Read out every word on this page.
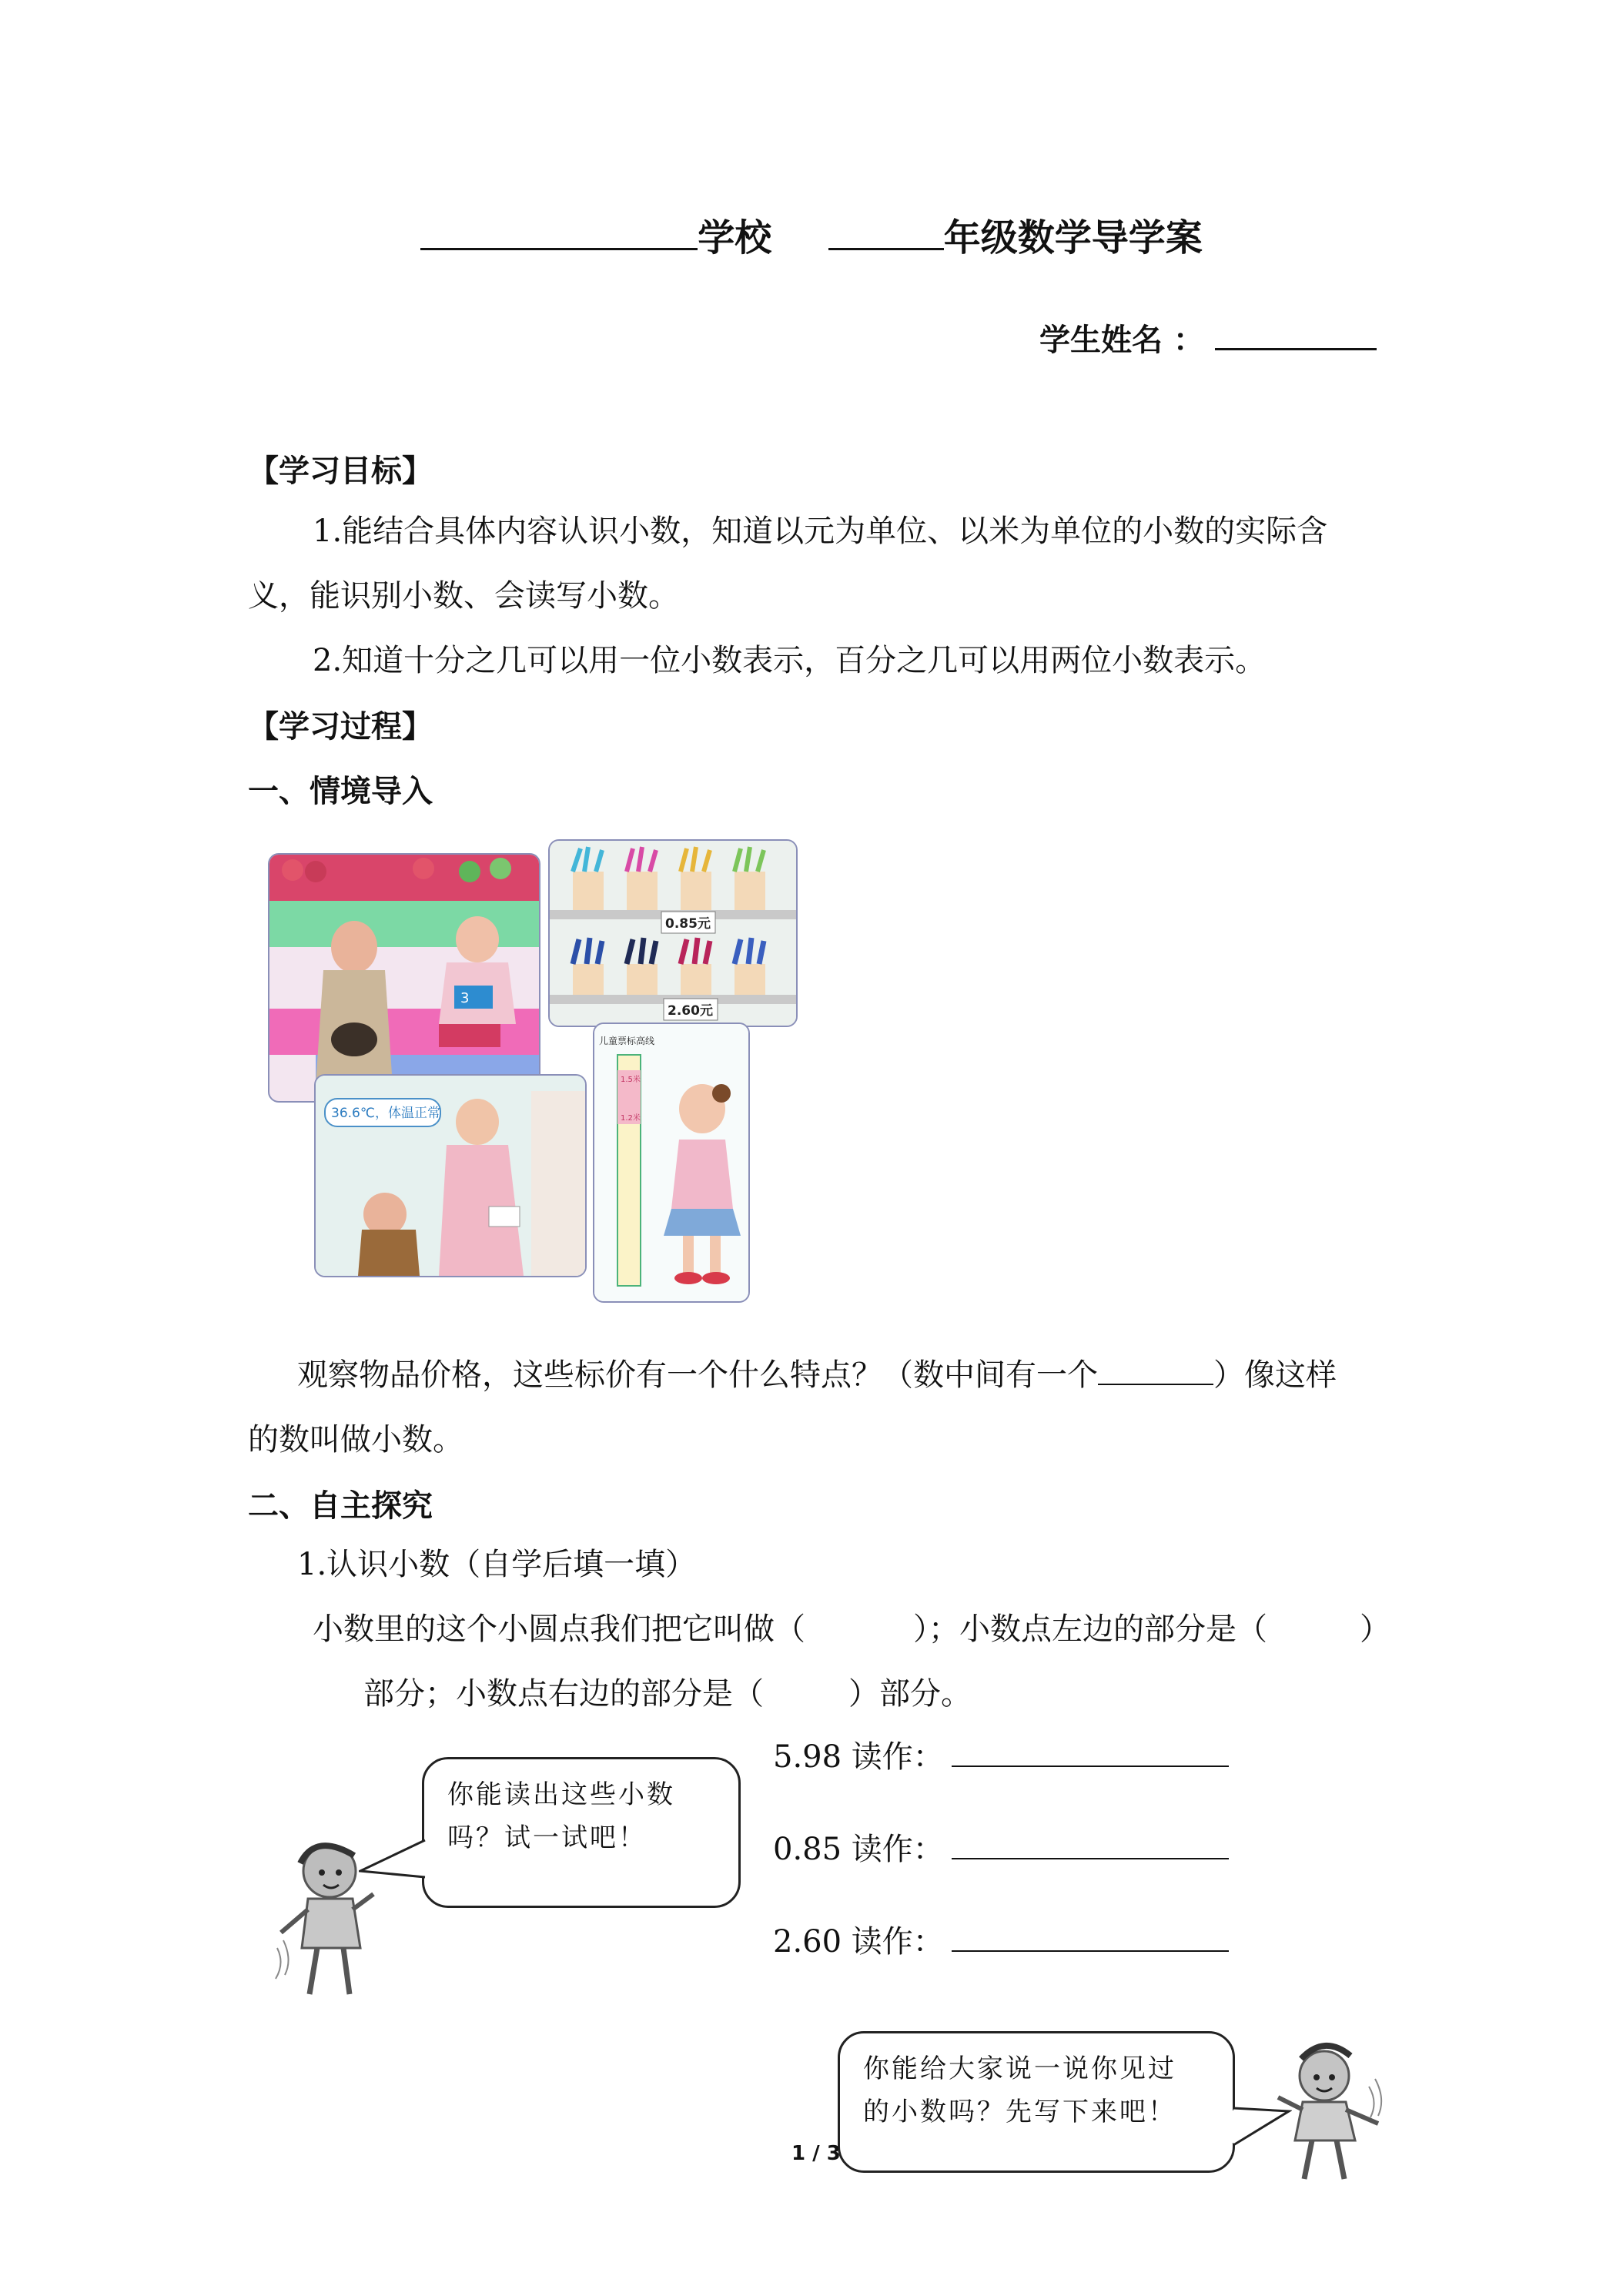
学校	年级数学导学案
学生姓名 ：
【学习目标】
1.能结合具体内容认识小数，知道以元为单位、以米为单位的小数的实际含
义，能识别小数、会读写小数。
2.知道十分之几可以用一位小数表示，百分之几可以用两位小数表示。
【学习过程】
一、情境导入
3
0.85元
2.60元
36.6℃，体温正常
儿童票标高线
1.5米
1.2米
观察物品价格，这些标价有一个什么特点？（数中间有一个	）像这样
的数叫做小数。
二、自主探究
1.认识小数（自学后填一填）
小数里的这个小圆点我们把它叫做（	）；小数点左边的部分是（	）
部分；小数点右边的部分是（	）部分。
你能读出这些小数
吗？试一试吧！
5.98 读作：
0.85 读作：
2.60 读作：
你能给大家说一说你见过
的小数吗？先写下来吧！
1 / 3
